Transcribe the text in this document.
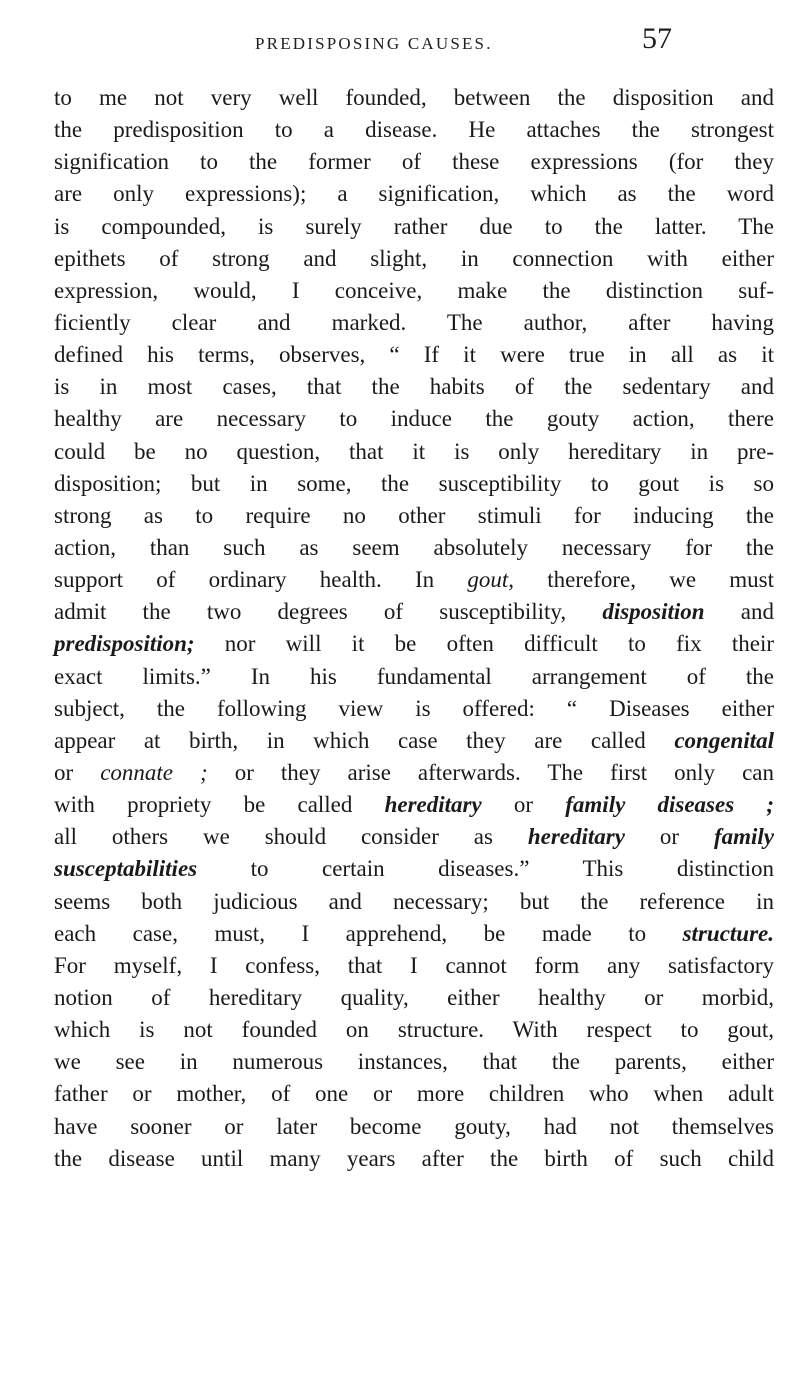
PREDISPOSING CAUSES.	57
to me not very well founded, between the disposition and
the predisposition to a disease. He attaches the strongest
signification to the former of these expressions (for they
are only expressions); a signification, which as the word
is compounded, is surely rather due to the latter. The
epithets of strong and slight, in connection with either
expression, would, I conceive, make the distinction suf-
ficiently clear and marked. The author, after having
defined his terms, observes, “ If it were true in all as it
is in most cases, that the habits of the sedentary and
healthy are necessary to induce the gouty action, there
could be no question, that it is only hereditary in pre-
disposition; but in some, the susceptibility to gout is so
strong as to require no other stimuli for inducing the
action, than such as seem absolutely necessary for the
support of ordinary health. In gout, therefore, we must
admit the two degrees of susceptibility, disposition and
predisposition; nor will it be often difficult to fix their
exact limits.” In his fundamental arrangement of the
subject, the following view is offered: “ Diseases either
appear at birth, in which case they are called congenital
or connate ; or they arise afterwards. The first only can
with propriety be called hereditary or family diseases ;
all others we should consider as hereditary or family
susceptabilities to certain diseases.” This distinction
seems both judicious and necessary; but the reference in
each case, must, I apprehend, be made to structure.
For myself, I confess, that I cannot form any satisfactory
notion of hereditary quality, either healthy or morbid,
which is not founded on structure. With respect to gout,
we see in numerous instances, that the parents, either
father or mother, of one or more children who when adult
have sooner or later become gouty, had not themselves
the disease until many years after the birth of such child
